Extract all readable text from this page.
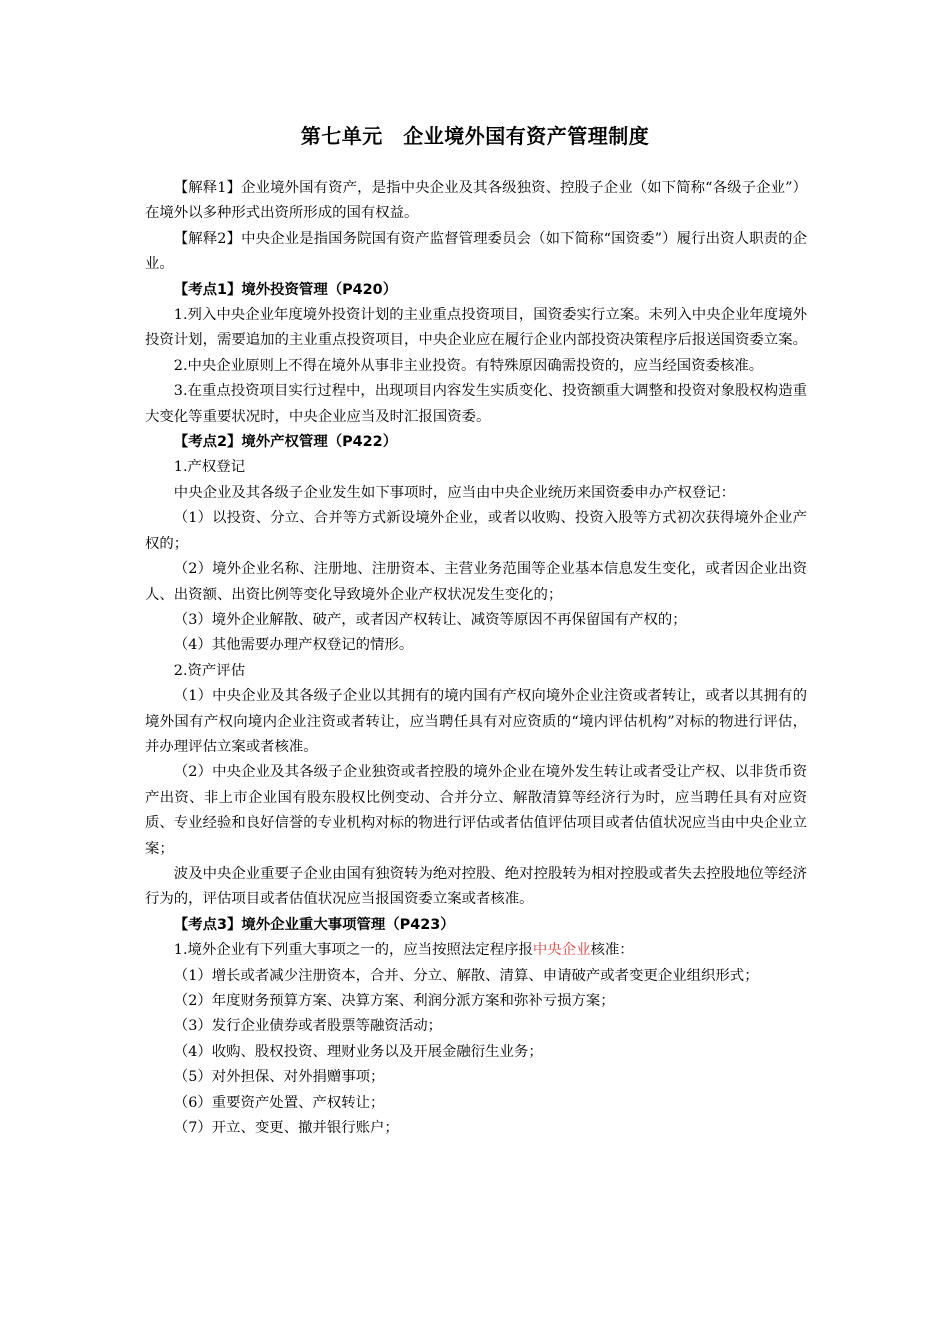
第七单元　企业境外国有资产管理制度

【解释1】企业境外国有资产，是指中央企业及其各级独资、控股子企业（如下简称“各级子企业”）在境外以多种形式出资所形成的国有权益。

【解释2】中央企业是指国务院国有资产监督管理委员会（如下简称“国资委”）履行出资人职责的企业。

【考点1】境外投资管理（P420）

1.列入中央企业年度境外投资计划的主业重点投资项目，国资委实行立案。未列入中央企业年度境外投资计划，需要追加的主业重点投资项目，中央企业应在履行企业内部投资决策程序后报送国资委立案。

2.中央企业原则上不得在境外从事非主业投资。有特殊原因确需投资的，应当经国资委核准。

3.在重点投资项目实行过程中，出现项目内容发生实质变化、投资额重大调整和投资对象股权构造重大变化等重要状况时，中央企业应当及时汇报国资委。

【考点2】境外产权管理（P422）

1.产权登记

中央企业及其各级子企业发生如下事项时，应当由中央企业统历来国资委申办产权登记：

（1）以投资、分立、合并等方式新设境外企业，或者以收购、投资入股等方式初次获得境外企业产权的；

（2）境外企业名称、注册地、注册资本、主营业务范围等企业基本信息发生变化，或者因企业出资人、出资额、出资比例等变化导致境外企业产权状况发生变化的；

（3）境外企业解散、破产，或者因产权转让、减资等原因不再保留国有产权的；

（4）其他需要办理产权登记的情形。

2.资产评估

（1）中央企业及其各级子企业以其拥有的境内国有产权向境外企业注资或者转让，或者以其拥有的境外国有产权向境内企业注资或者转让，应当聘任具有对应资质的“境内评估机构”对标的物进行评估，并办理评估立案或者核准。

（2）中央企业及其各级子企业独资或者控股的境外企业在境外发生转让或者受让产权、以非货币资产出资、非上市企业国有股东股权比例变动、合并分立、解散清算等经济行为时，应当聘任具有对应资质、专业经验和良好信誉的专业机构对标的物进行评估或者估值评估项目或者估值状况应当由中央企业立案；

波及中央企业重要子企业由国有独资转为绝对控股、绝对控股转为相对控股或者失去控股地位等经济行为的，评估项目或者估值状况应当报国资委立案或者核准。

【考点3】境外企业重大事项管理（P423）

1.境外企业有下列重大事项之一的，应当按照法定程序报中央企业核准：

（1）增长或者减少注册资本，合并、分立、解散、清算、申请破产或者变更企业组织形式；

（2）年度财务预算方案、决算方案、利润分派方案和弥补亏损方案；

（3）发行企业债券或者股票等融资活动；

（4）收购、股权投资、理财业务以及开展金融衍生业务；

（5）对外担保、对外捐赠事项；

（6）重要资产处置、产权转让；

（7）开立、变更、撤并银行账户；
